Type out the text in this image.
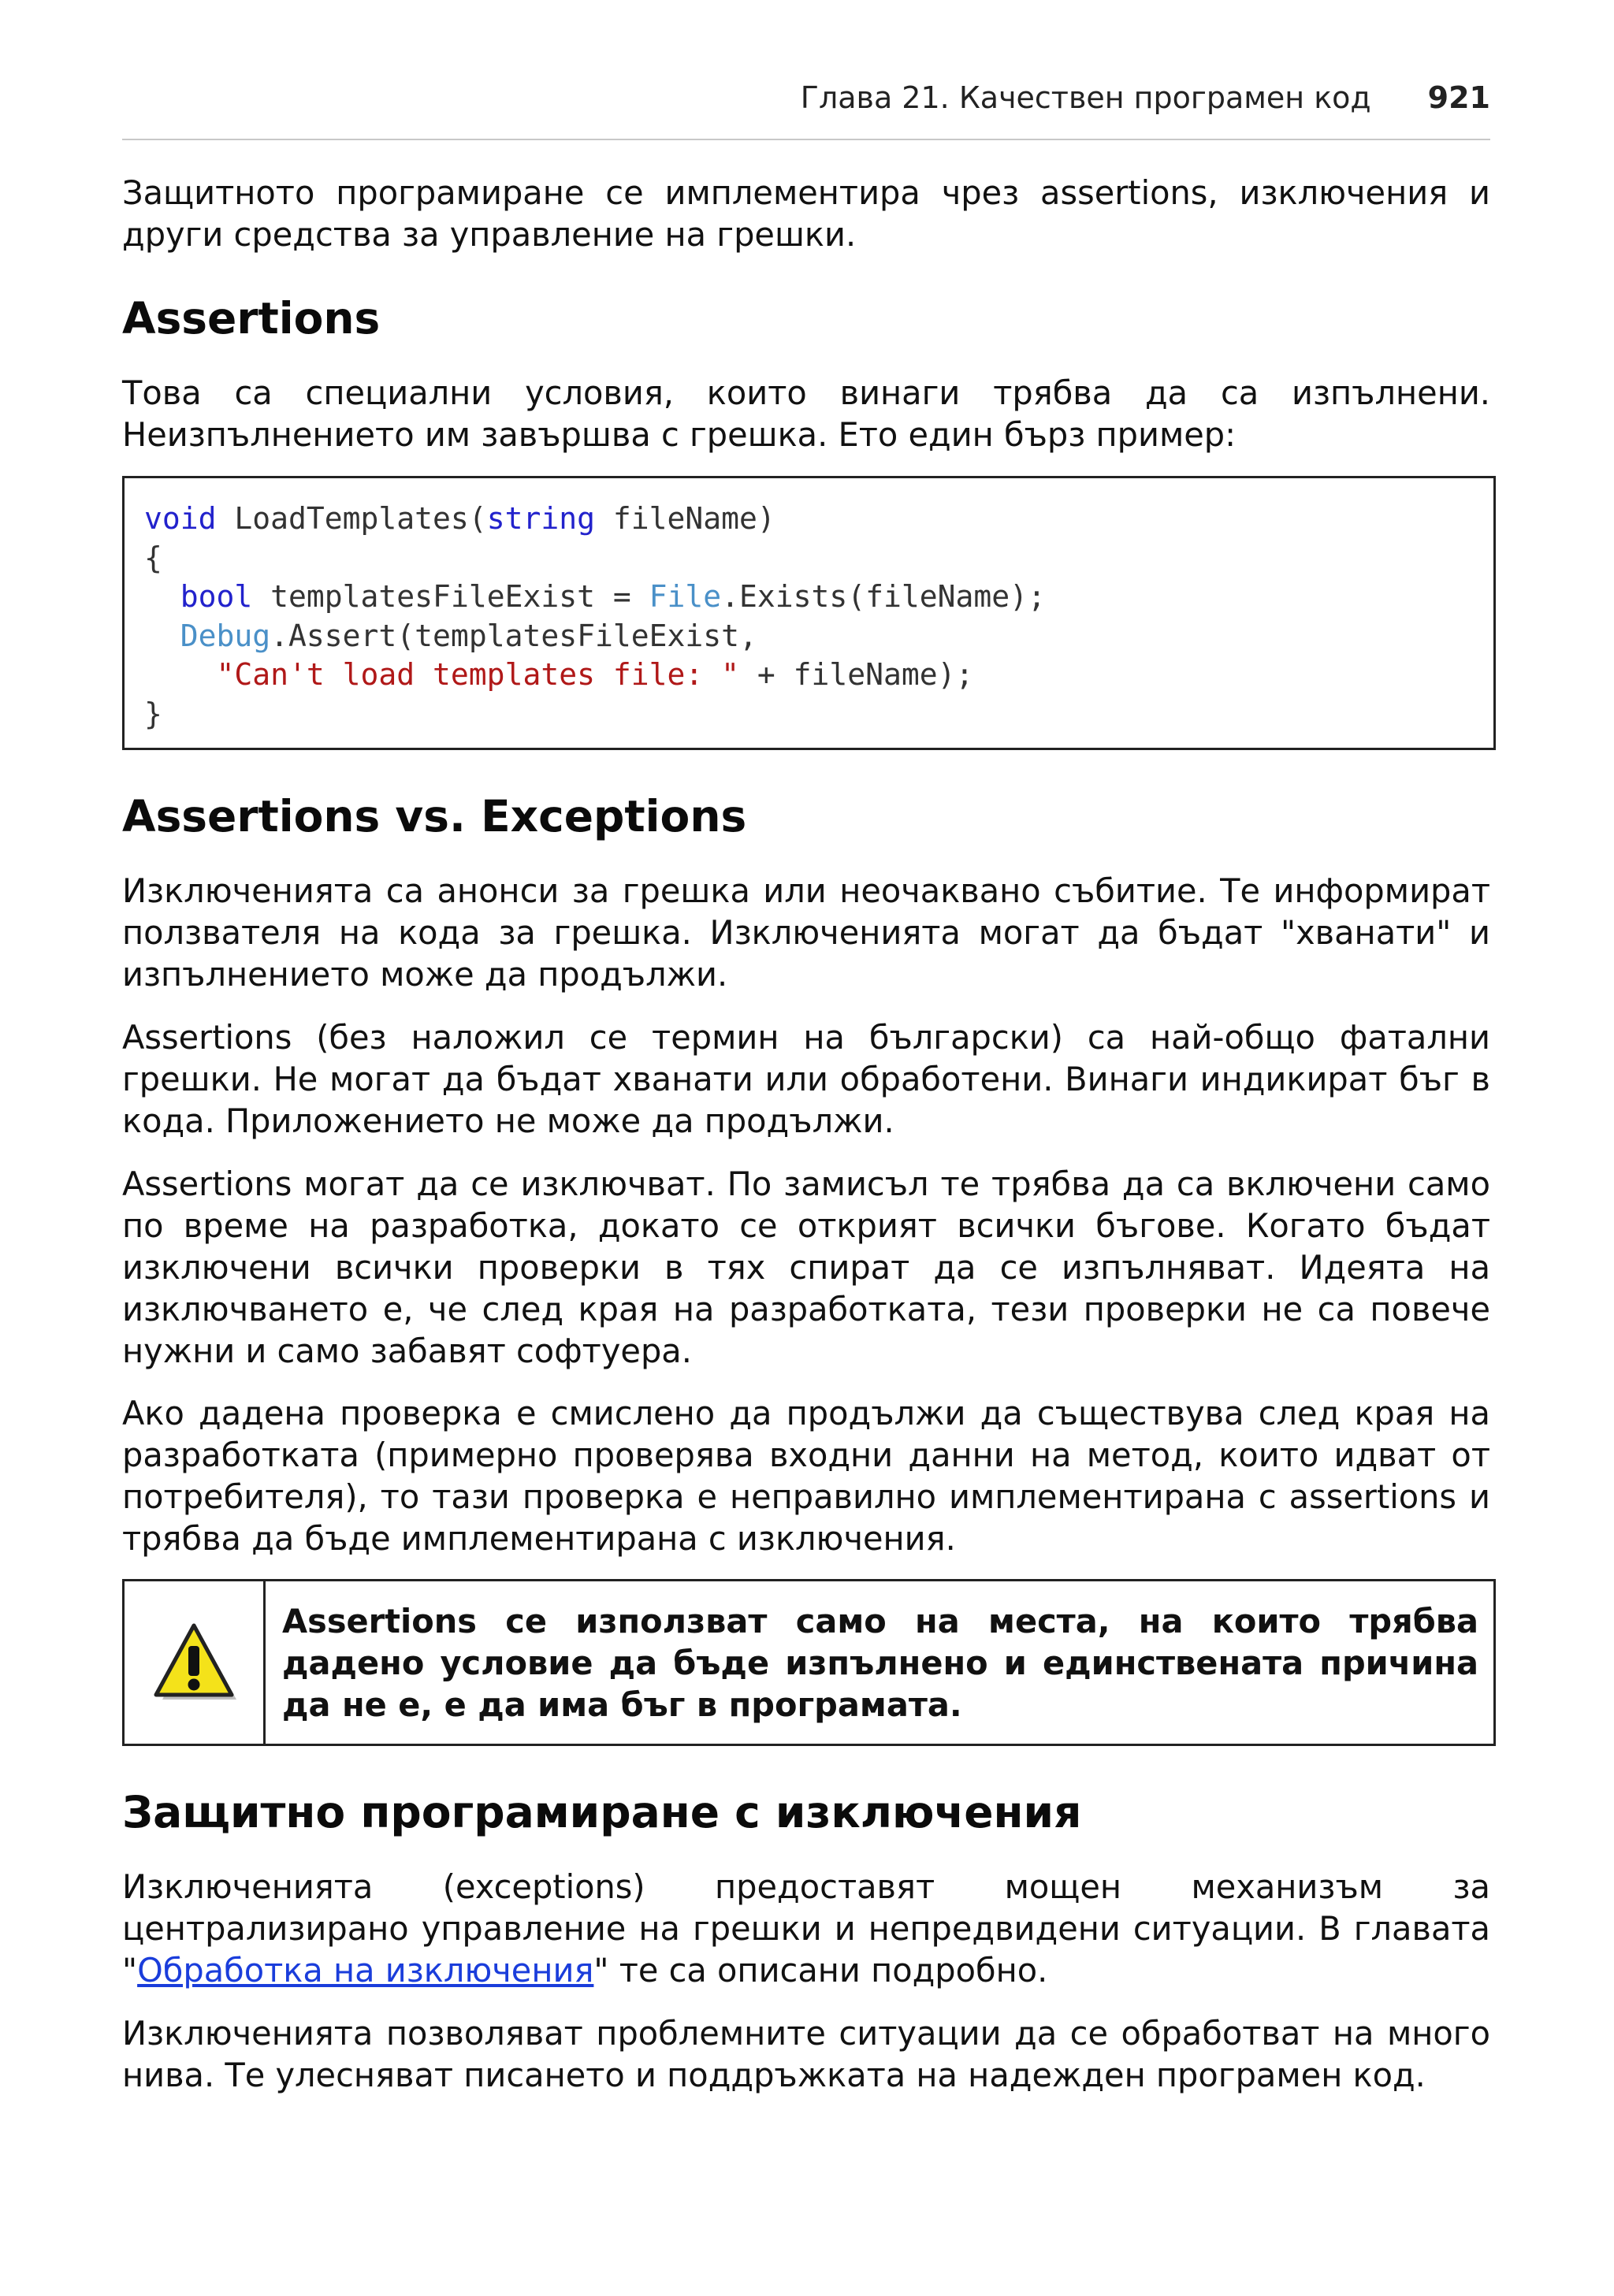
Глава 21. Качествен програмен код 921

Защитното програмиране се имплементира чрез assertions, изключения и други средства за управление на грешки.

Assertions

Това са специални условия, които винаги трябва да са изпълнени. Неизпълнението им завършва с грешка. Ето един бърз пример:

void LoadTemplates(string fileName)
{
bool templatesFileExist = File.Exists(fileName);
Debug.Assert(templatesFileExist,
"Can't load templates file: " + fileName);
}
Assertions vs. Exceptions

Изключенията са анонси за грешка или неочаквано събитие. Те информират ползвателя на кода за грешка. Изключенията могат да бъдат "хванати" и изпълнението може да продължи.

Assertions (без наложил се термин на български) са най-общо фатални грешки. Не могат да бъдат хванати или обработени. Винаги индикират бъг в кода. Приложението не може да продължи.

Assertions могат да се изключват. По замисъл те трябва да са включени само по време на разработка, докато се открият всички бъгове. Когато бъдат изключени всички проверки в тях спират да се изпълняват. Идеята на изключването е, че след края на разработката, тези проверки не са повече нужни и само забавят софтуера.

Ако дадена проверка е смислено да продължи да съществува след края на разработката (примерно проверява входни данни на метод, които идват от потребителя), то тази проверка е неправилно имплементирана с assertions и трябва да бъде имплементирана с изключения.

Assertions се използват само на места, на които трябва дадено условие да бъде изпълнено и единствената причина да не е, е да има бъг в програмата.

Защитно програмиране с изключения

Изключенията (exceptions) предоставят мощен механизъм за централизирано управление на грешки и непредвидени ситуации. В главата "Обработка на изключения" те са описани подробно.

Изключенията позволяват проблемните ситуации да се обработват на много нива. Те улесняват писането и поддръжката на надежден програмен код.
